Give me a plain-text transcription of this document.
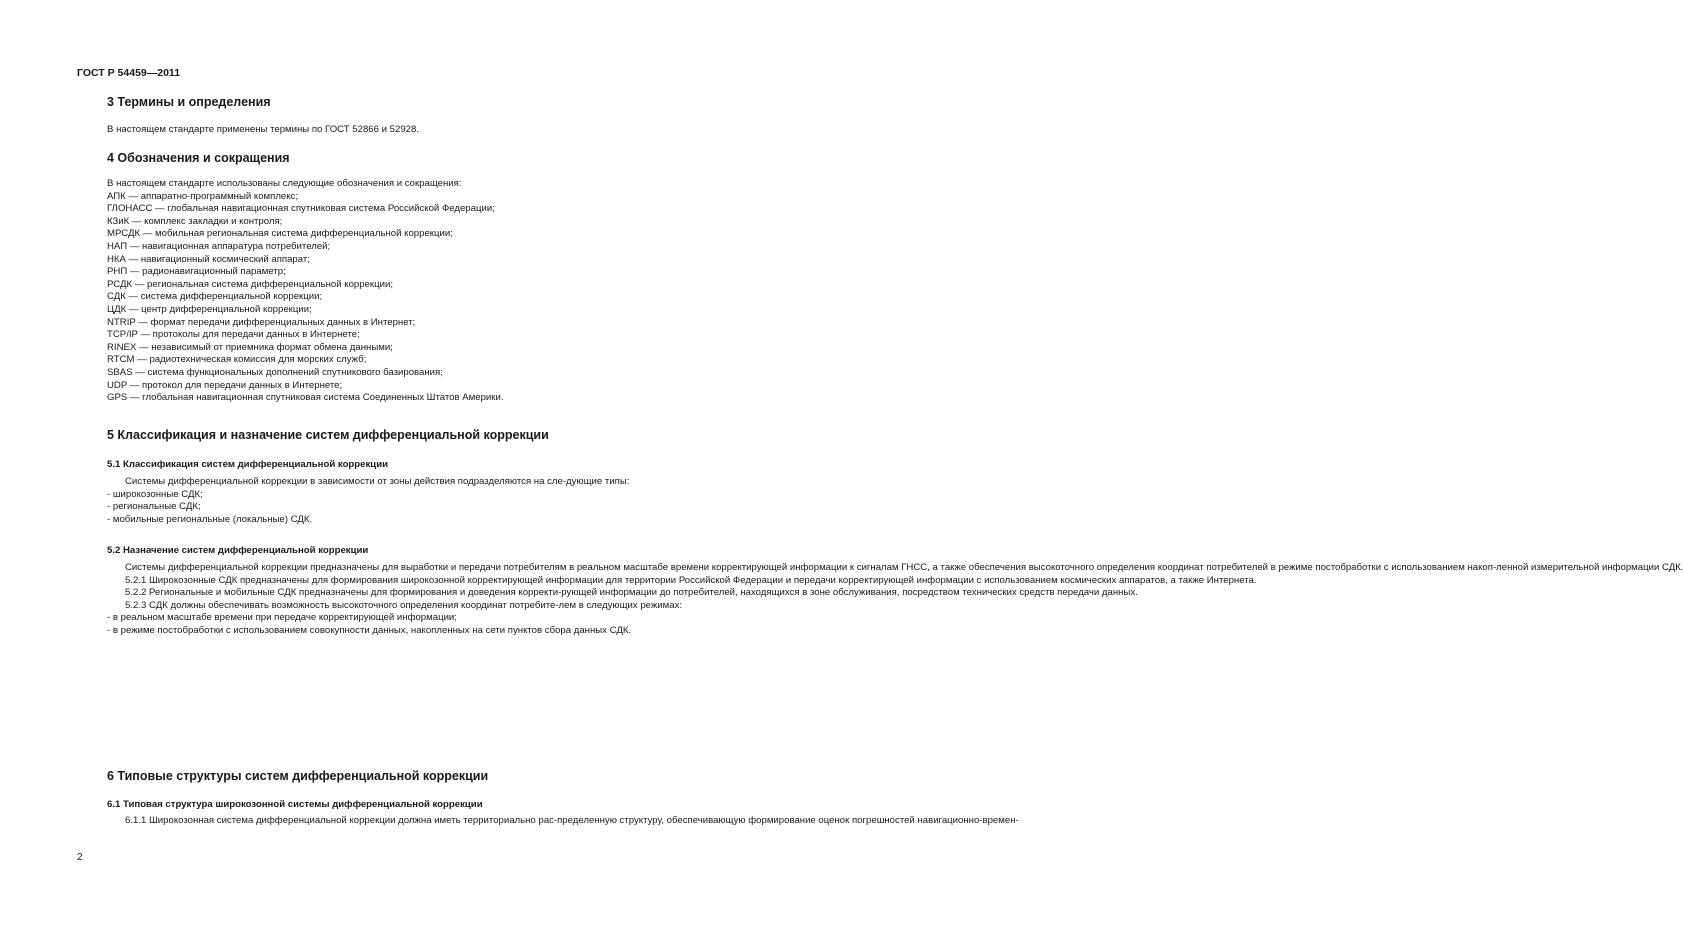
ГОСТ Р 54459—2011
3 Термины и определения
В настоящем стандарте применены термины по ГОСТ 52866 и 52928.
4 Обозначения и сокращения
В настоящем стандарте использованы следующие обозначения и сокращения:
АПК — аппаратно-программный комплекс;
ГЛОНАСС — глобальная навигационная спутниковая система Российской Федерации;
КЗиК — комплекс закладки и контроля;
МРСДК — мобильная региональная система дифференциальной коррекции;
НАП — навигационная аппаратура потребителей;
НКА — навигационный космический аппарат;
РНП — радионавигационный параметр;
РСДК — региональная система дифференциальной коррекции;
СДК — система дифференциальной коррекции;
ЦДК — центр дифференциальной коррекции;
NTRIP — формат передачи дифференциальных данных в Интернет;
TCP/IP — протоколы для передачи данных в Интернете;
RINEX — независимый от приемника формат обмена данными;
RTCM — радиотехническая комиссия для морских служб;
SBAS — система функциональных дополнений спутникового базирования;
UDP — протокол для передачи данных в Интернете;
GPS — глобальная навигационная спутниковая система Соединенных Штатов Америки.
5 Классификация и назначение систем дифференциальной коррекции
5.1 Классификация систем дифференциальной коррекции
Системы дифференциальной коррекции в зависимости от зоны действия подразделяются на сле-дующие типы:
- широкозонные СДК;
- региональные СДК;
- мобильные региональные (локальные) СДК.
5.2 Назначение систем дифференциальной коррекции
Системы дифференциальной коррекции предназначены для выработки и передачи потребителям в реальном масштабе времени корректирующей информации к сигналам ГНСС, а также обеспечения высокоточного определения координат потребителей в режиме постобработки с использованием накоп-ленной измерительной информации СДК.
5.2.1 Широкозонные СДК предназначены для формирования широкозонной корректирующей информации для территории Российской Федерации и передачи корректирующей информации с использованием космических аппаратов, а также Интернета.
5.2.2 Региональные и мобильные СДК предназначены для формирования и доведения корректи-рующей информации до потребителей, находящихся в зоне обслуживания, посредством технических средств передачи данных.
5.2.3 СДК должны обеспечивать возможность высокоточного определения координат потребите-лем в следующих режимах:
- в реальном масштабе времени при передаче корректирующей информации;
- в режиме постобработки с использованием совокупности данных, накопленных на сети пунктов сбора данных СДК.
6 Типовые структуры систем дифференциальной коррекции
6.1 Типовая структура широкозонной системы дифференциальной коррекции
6.1.1 Широкозонная система дифференциальной коррекции должна иметь территориально рас-пределенную структуру, обеспечивающую формирование оценок погрешностей навигационно-времен-
2
